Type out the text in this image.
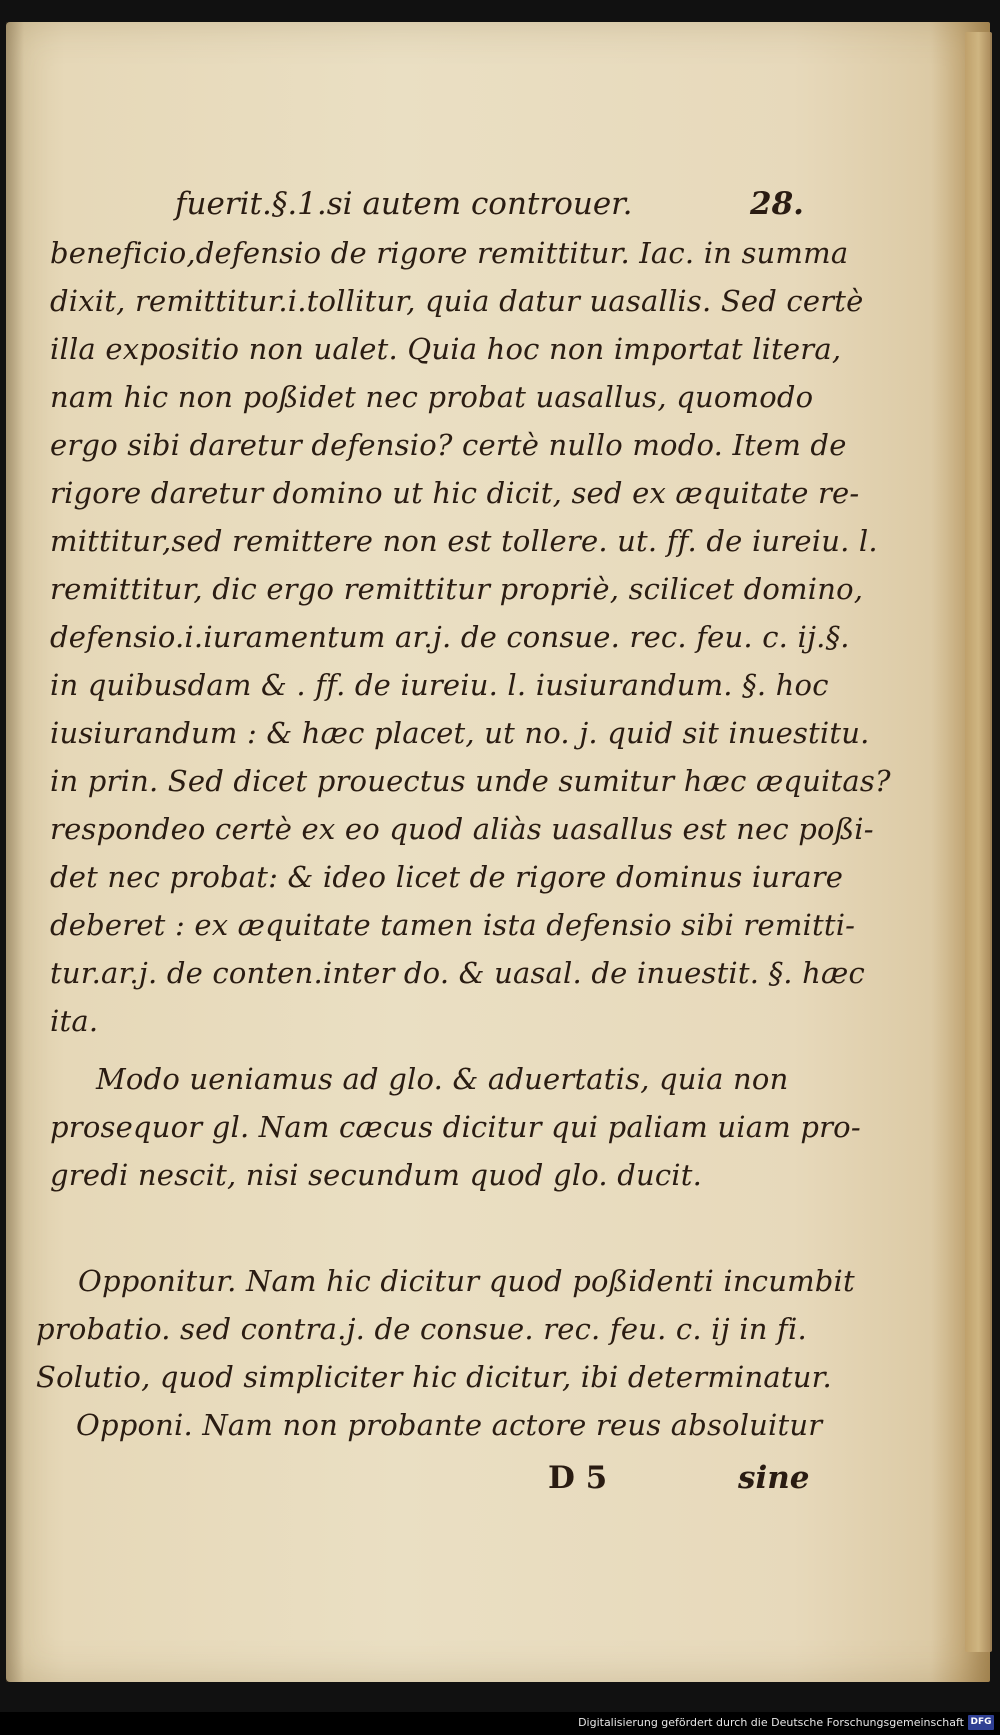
fuerit.§.1.si autem controuer.	28.
beneficio,defensio de rigore remittitur. Iac. in summa
dixit, remittitur.i.tollitur, quia datur uasallis. Sed certè
illa expositio non ualet. Quia hoc non importat litera,
nam hic non poßidet nec probat uasallus, quomodo
ergo sibi daretur defensio? certè nullo modo. Item de
rigore daretur domino ut hic dicit, sed ex æquitate re-
mittitur,sed remittere non est tollere. ut. ff. de iureiu. l.
remittitur, dic ergo remittitur propriè, scilicet domino,
defensio.i.iuramentum ar.j. de consue. rec. feu. c. ij.§.
in quibusdam & . ff. de iureiu. l. iusiurandum. §. hoc
iusiurandum : & hæc placet, ut no. j. quid sit inuestitu.
in prin. Sed dicet prouectus unde sumitur hæc æquitas?
respondeo certè ex eo quod aliàs uasallus est nec poßi-
det nec probat: & ideo licet de rigore dominus iurare
deberet : ex æquitate tamen ista defensio sibi remitti-
tur.ar.j. de conten.inter do. & uasal. de inuestit. §. hæc
ita.
Modo ueniamus ad glo. & aduertatis, quia non
prosequor gl. Nam cæcus dicitur qui paliam uiam pro-
gredi nescit, nisi secundum quod glo. ducit.
Opponitur. Nam hic dicitur quod poßidenti incumbit
probatio. sed contra.j. de consue. rec. feu. c. ij in fi.
Solutio, quod simpliciter hic dicitur, ibi determinatur.
Opponi. Nam non probante actore reus absoluitur
D 5	sine
Digitalisierung gefördert durch die Deutsche Forschungsgemeinschaft DFG
